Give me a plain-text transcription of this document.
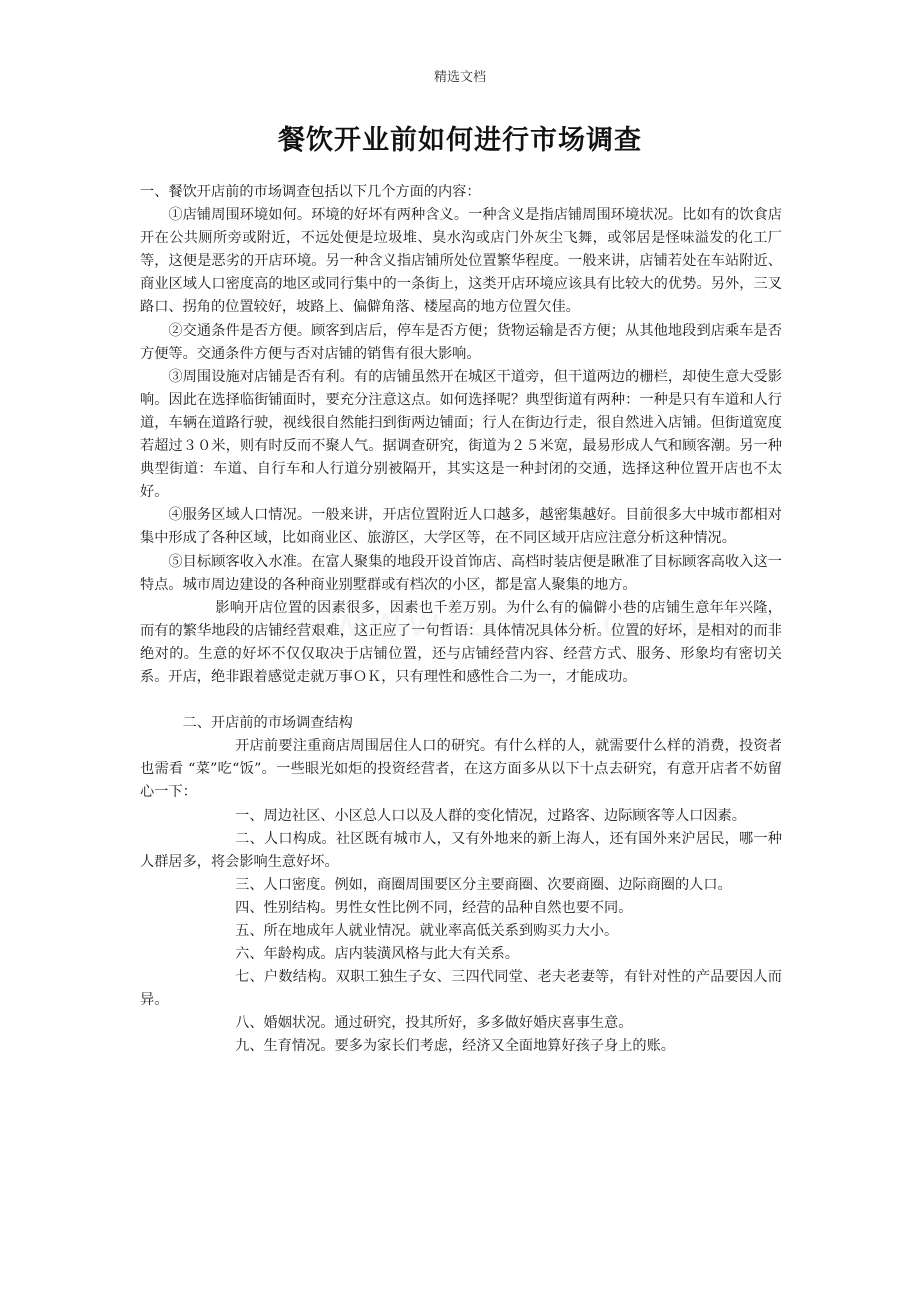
精选文档
餐饮开业前如何进行市场调查

一、餐饮开店前的市场调查包括以下几个方面的内容：

①店铺周围环境如何。环境的好坏有两种含义。一种含义是指店铺周围环境状况。比如有的饮食店开在公共厕所旁或附近，不远处便是垃圾堆、臭水沟或店门外灰尘飞舞，或邻居是怪味溢发的化工厂等，这便是恶劣的开店环境。另一种含义指店铺所处位置繁华程度。一般来讲，店铺若处在车站附近、商业区域人口密度高的地区或同行集中的一条街上，这类开店环境应该具有比较大的优势。另外，三叉路口、拐角的位置较好，坡路上、偏僻角落、楼屋高的地方位置欠佳。

②交通条件是否方便。顾客到店后，停车是否方便；货物运输是否方便；从其他地段到店乘车是否方便等。交通条件方便与否对店铺的销售有很大影响。

③周围设施对店铺是否有利。有的店铺虽然开在城区干道旁，但干道两边的栅栏，却使生意大受影响。因此在选择临街铺面时，要充分注意这点。如何选择呢？典型街道有两种：一种是只有车道和人行道，车辆在道路行驶，视线很自然能扫到街两边铺面；行人在街边行走，很自然进入店铺。但街道宽度若超过３０米，则有时反而不聚人气。据调查研究，街道为２５米宽，最易形成人气和顾客潮。另一种典型街道：车道、自行车和人行道分别被隔开，其实这是一种封闭的交通，选择这种位置开店也不太好。

④服务区域人口情况。一般来讲，开店位置附近人口越多，越密集越好。目前很多大中城市都相对集中形成了各种区域，比如商业区、旅游区，大学区等，在不同区域开店应注意分析这种情况。

⑤目标顾客收入水准。在富人聚集的地段开设首饰店、高档时装店便是瞅准了目标顾客高收入这一特点。城市周边建设的各种商业别墅群或有档次的小区，都是富人聚集的地方。

影响开店位置的因素很多，因素也千差万别。为什么有的偏僻小巷的店铺生意年年兴隆，而有的繁华地段的店铺经营艰难，这正应了一句哲语：具体情况具体分析。位置的好坏，是相对的而非绝对的。生意的好坏不仅仅取决于店铺位置，还与店铺经营内容、经营方式、服务、形象均有密切关系。开店，绝非跟着感觉走就万事ＯＫ，只有理性和感性合二为一，才能成功。

二、开店前的市场调查结构

开店前要注重商店周围居住人口的研究。有什么样的人，就需要什么样的消费，投资者也需看 “菜”吃“饭”。一些眼光如炬的投资经营者，在这方面多从以下十点去研究，有意开店者不妨留心一下：

一、周边社区、小区总人口以及人群的变化情况，过路客、边际顾客等人口因素。

二、人口构成。社区既有城市人，又有外地来的新上海人，还有国外来沪居民，哪一种人群居多，将会影响生意好坏。

三、人口密度。例如，商圈周围要区分主要商圈、次要商圈、边际商圈的人口。

四、性别结构。男性女性比例不同，经营的品种自然也要不同。

五、所在地成年人就业情况。就业率高低关系到购买力大小。

六、年龄构成。店内装潢风格与此大有关系。

七、户数结构。双职工独生子女、三四代同堂、老夫老妻等，有针对性的产品要因人而异。

八、婚姻状况。通过研究，投其所好，多多做好婚庆喜事生意。

九、生育情况。要多为家长们考虑，经济又全面地算好孩子身上的账。
